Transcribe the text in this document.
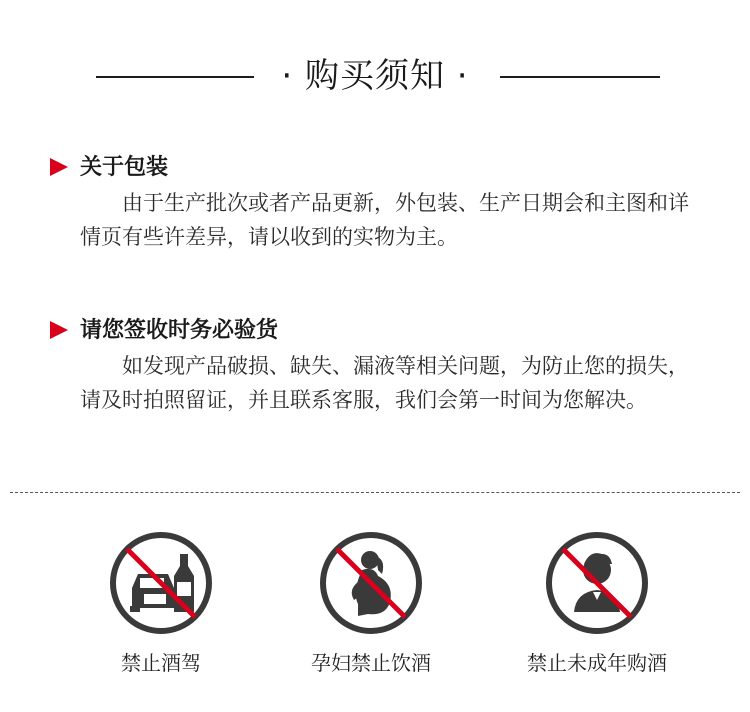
· 购买须知 ·
关于包装
由于生产批次或者产品更新，外包装、生产日期会和主图和详情页有些许差异，请以收到的实物为主。
请您签收时务必验货
如发现产品破损、缺失、漏液等相关问题，为防止您的损失，请及时拍照留证，并且联系客服，我们会第一时间为您解决。
禁止酒驾	孕妇禁止饮酒	禁止未成年购酒
